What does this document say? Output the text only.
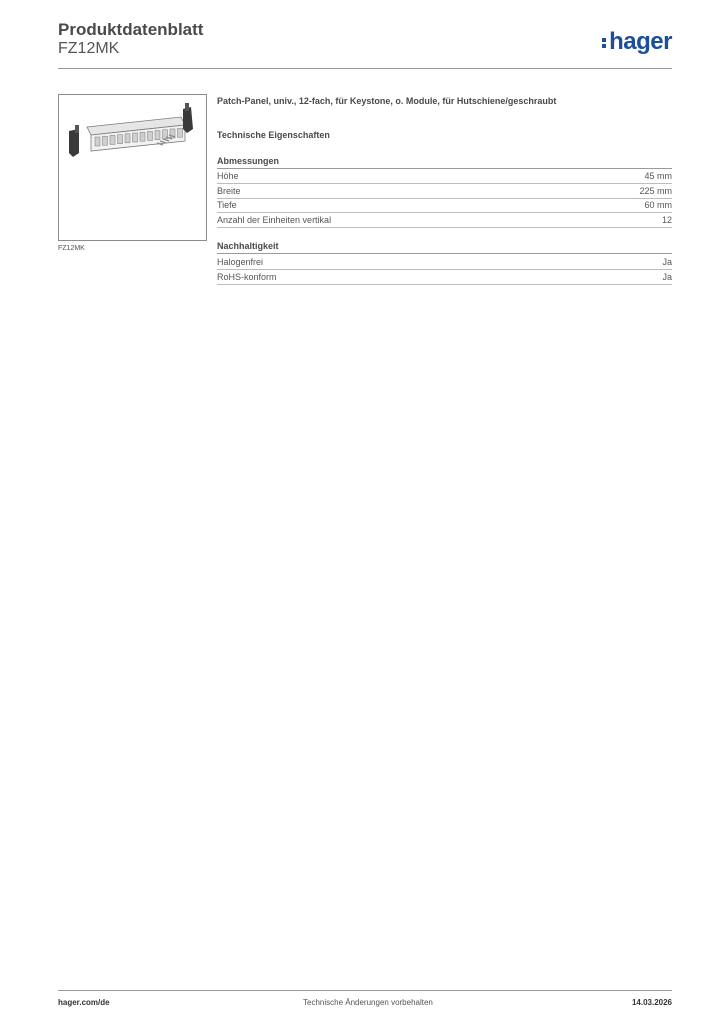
Produktdatenblatt
FZ12MK	hager
FZ12MK
Patch-Panel, univ., 12-fach, für Keystone, o. Module, für Hutschiene/geschraubt
Technische Eigenschaften
Abmessungen
Höhe	45 mm
Breite	225 mm
Tiefe	60 mm
Anzahl der Einheiten vertikal	12
Nachhaltigkeit
Halogenfrei	Ja
RoHS-konform	Ja
hager.com/de	Technische Änderungen vorbehalten	14.03.2026
